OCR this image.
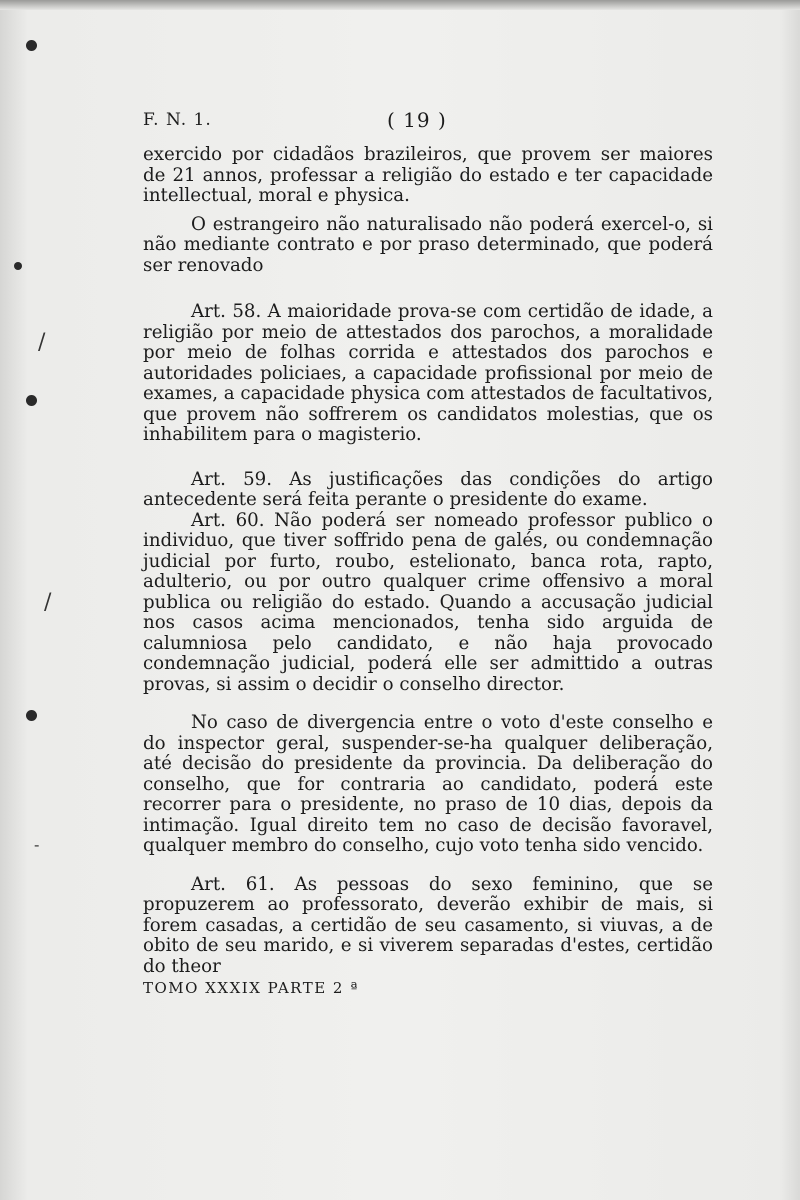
/
/
-
F. N. 1.	( 19 )

exercido por cidadãos brazileiros, que provem ser maiores de 21 annos, professar a religião do estado e ter capacidade intellectual, moral e physica.

O estrangeiro não naturalisado não poderá exercel-o, si não mediante contrato e por praso determinado, que poderá ser renovado

Art. 58. A maioridade prova-se com certidão de idade, a religião por meio de attestados dos parochos, a moralidade por meio de folhas corrida e attestados dos parochos e autoridades policiaes, a capacidade profissional por meio de exames, a capacidade physica com attestados de facultativos, que provem não soffrerem os candidatos molestias, que os inhabilitem para o magisterio.

Art. 59. As justificações das condições do artigo antecedente será feita perante o presidente do exame.

Art. 60. Não poderá ser nomeado professor publico o individuo, que tiver soffrido pena de galés, ou condemnação judicial por furto, roubo, estelionato, banca rota, rapto, adulterio, ou por outro qualquer crime offensivo a moral publica ou religião do estado. Quando a accusação judicial nos casos acima mencionados, tenha sido arguida de calumniosa pelo candidato, e não haja provocado condemnação judicial, poderá elle ser admittido a outras provas, si assim o decidir o conselho director.

No caso de divergencia entre o voto d'este conselho e do inspector geral, suspender-se-ha qualquer deliberação, até decisão do presidente da provincia. Da deliberação do conselho, que for contraria ao candidato, poderá este recorrer para o presidente, no praso de 10 dias, depois da intimação. Igual direito tem no caso de decisão favoravel, qualquer membro do conselho, cujo voto tenha sido vencido.

Art. 61. As pessoas do sexo feminino, que se propuzerem ao professorato, deverão exhibir de mais, si forem casadas, a certidão de seu casamento, si viuvas, a de obito de seu marido, e si viverem separadas d'estes, certidão do theor

TOMO XXXIX PARTE 2 ª
